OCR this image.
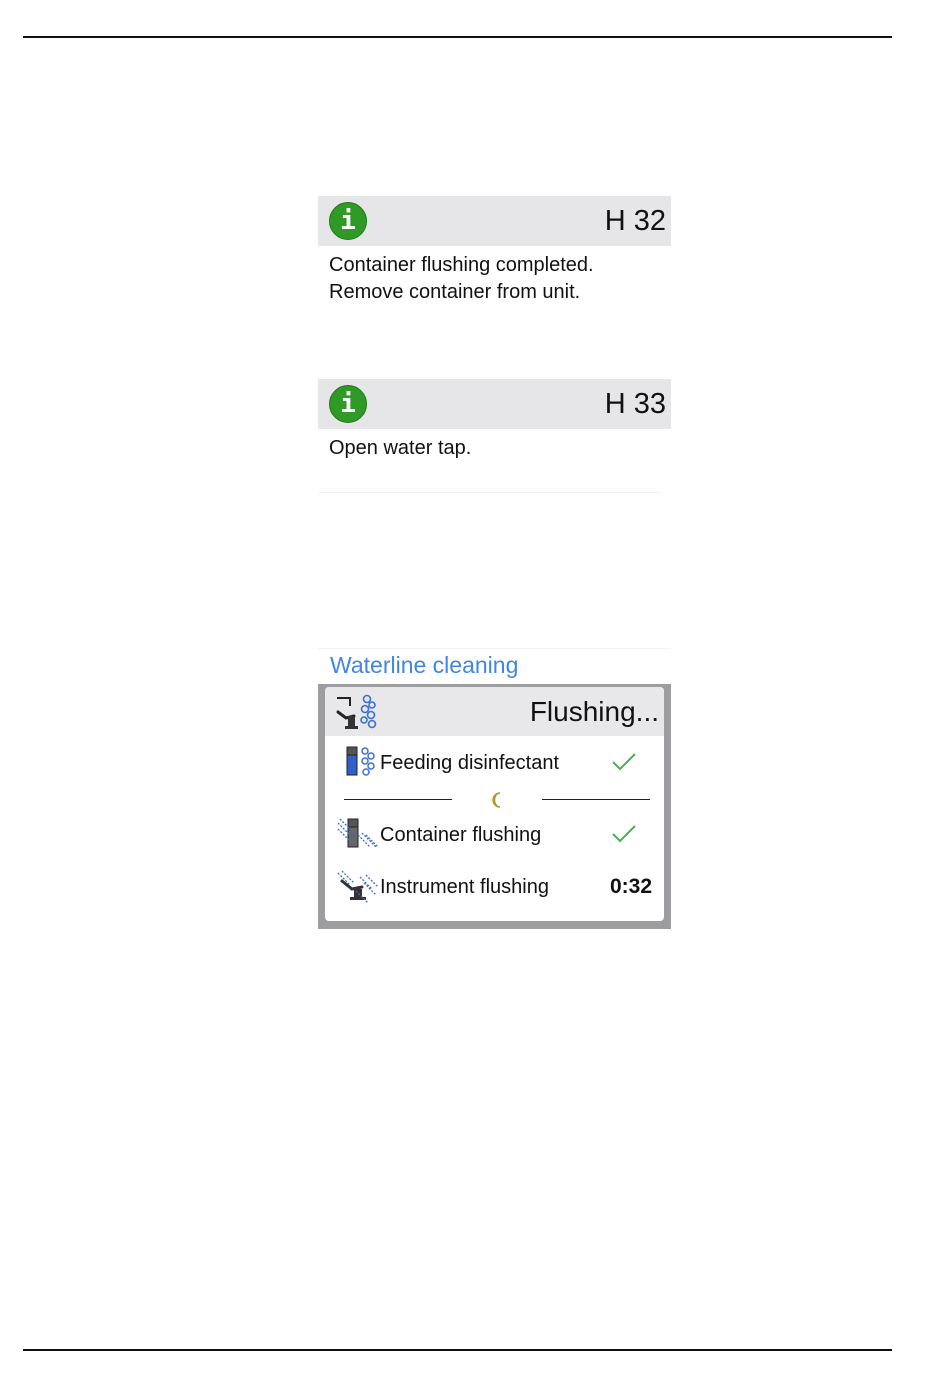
i	H 32
Container flushing completed.
Remove container from unit.
i	H 33
Open water tap.
Waterline cleaning
Flushing...
Feeding disinfectant
Container flushing
Instrument flushing	0:32
